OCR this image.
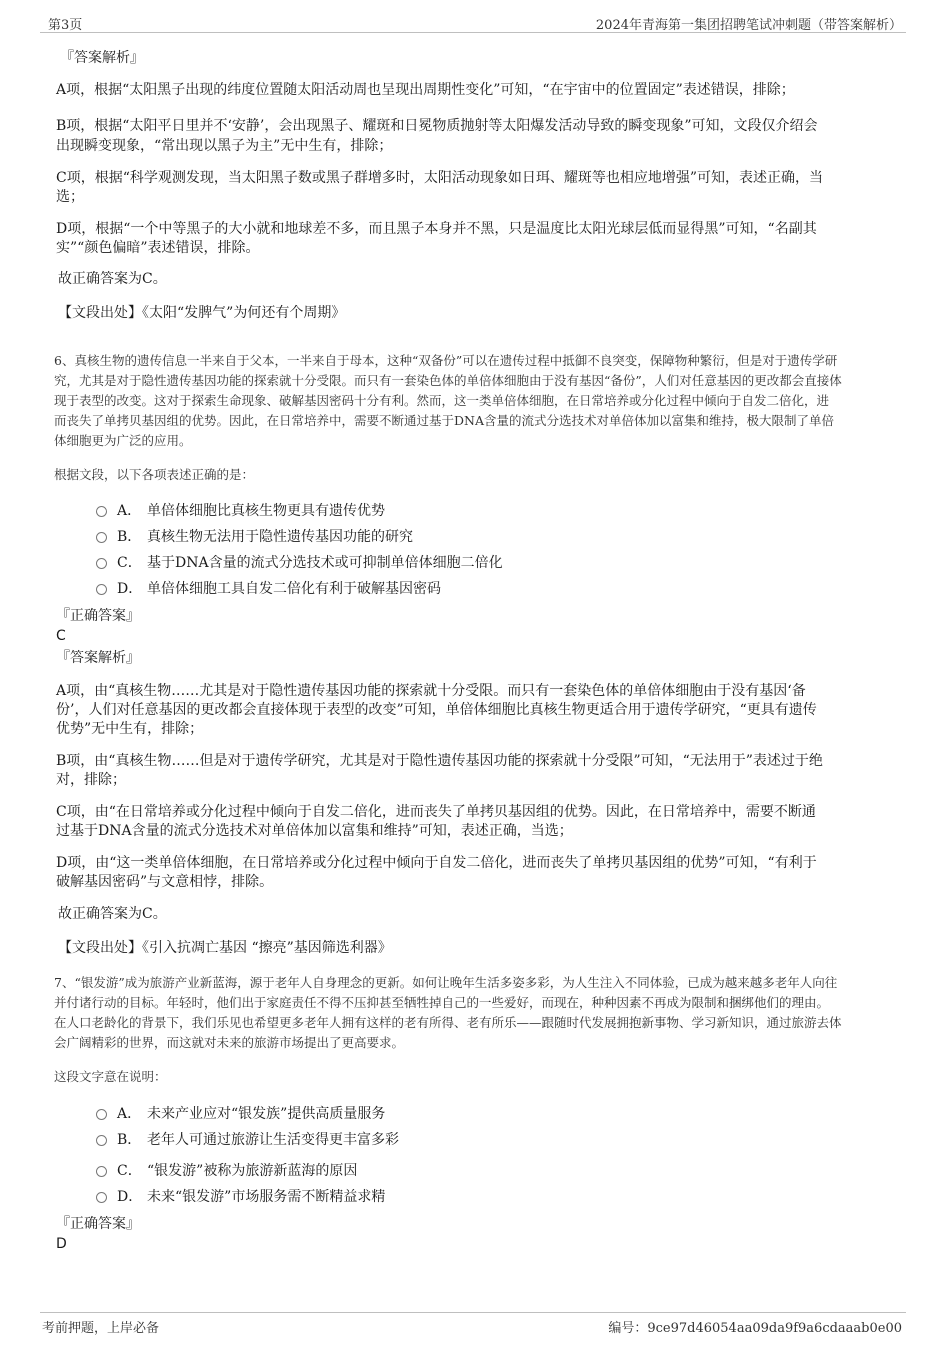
第3页	2024年青海第一集团招聘笔试冲刺题（带答案解析）
『答案解析』
A项，根据“太阳黑子出现的纬度位置随太阳活动周也呈现出周期性变化”可知，“在宇宙中的位置固定”表述错误，排除；
B项，根据“太阳平日里并不‘安静’，会出现黑子、耀斑和日冕物质抛射等太阳爆发活动导致的瞬变现象”可知，文段仅介绍会
出现瞬变现象，“常出现以黑子为主”无中生有，排除；
C项，根据“科学观测发现，当太阳黑子数或黑子群增多时，太阳活动现象如日珥、耀斑等也相应地增强”可知，表述正确，当
选；
D项，根据“一个中等黑子的大小就和地球差不多，而且黑子本身并不黑，只是温度比太阳光球层低而显得黑”可知，“名副其
实”“颜色偏暗”表述错误，排除。
故正确答案为C。
【文段出处】《太阳“发脾气”为何还有个周期》
6、真核生物的遗传信息一半来自于父本，一半来自于母本，这种“双备份”可以在遗传过程中抵御不良突变，保障物种繁衍，但是对于遗传学研
究，尤其是对于隐性遗传基因功能的探索就十分受限。而只有一套染色体的单倍体细胞由于没有基因“备份”，人们对任意基因的更改都会直接体
现于表型的改变。这对于探索生命现象、破解基因密码十分有利。然而，这一类单倍体细胞，在日常培养或分化过程中倾向于自发二倍化，进
而丧失了单拷贝基因组的优势。因此，在日常培养中，需要不断通过基于DNA含量的流式分选技术对单倍体加以富集和维持，极大限制了单倍
体细胞更为广泛的应用。
根据文段，以下各项表述正确的是：
A． 单倍体细胞比真核生物更具有遗传优势
B． 真核生物无法用于隐性遗传基因功能的研究
C． 基于DNA含量的流式分选技术或可抑制单倍体细胞二倍化
D． 单倍体细胞工具自发二倍化有利于破解基因密码
『正确答案』
C
『答案解析』
A项，由“真核生物……尤其是对于隐性遗传基因功能的探索就十分受限。而只有一套染色体的单倍体细胞由于没有基因‘备
份’，人们对任意基因的更改都会直接体现于表型的改变”可知，单倍体细胞比真核生物更适合用于遗传学研究，“更具有遗传
优势”无中生有，排除；
B项，由“真核生物……但是对于遗传学研究，尤其是对于隐性遗传基因功能的探索就十分受限”可知，“无法用于”表述过于绝
对，排除；
C项，由“在日常培养或分化过程中倾向于自发二倍化，进而丧失了单拷贝基因组的优势。因此，在日常培养中，需要不断通
过基于DNA含量的流式分选技术对单倍体加以富集和维持”可知，表述正确，当选；
D项，由“这一类单倍体细胞，在日常培养或分化过程中倾向于自发二倍化，进而丧失了单拷贝基因组的优势”可知，“有利于
破解基因密码”与文意相悖，排除。
故正确答案为C。
【文段出处】《引入抗凋亡基因 “擦亮”基因筛选利器》
7、“银发游”成为旅游产业新蓝海，源于老年人自身理念的更新。如何让晚年生活多姿多彩，为人生注入不同体验，已成为越来越多老年人向往
并付诸行动的目标。年轻时，他们出于家庭责任不得不压抑甚至牺牲掉自己的一些爱好，而现在，种种因素不再成为限制和捆绑他们的理由。
在人口老龄化的背景下，我们乐见也希望更多老年人拥有这样的老有所得、老有所乐——跟随时代发展拥抱新事物、学习新知识，通过旅游去体
会广阔精彩的世界，而这就对未来的旅游市场提出了更高要求。
这段文字意在说明：
A． 未来产业应对“银发族”提供高质量服务
B． 老年人可通过旅游让生活变得更丰富多彩
C． “银发游”被称为旅游新蓝海的原因
D． 未来“银发游”市场服务需不断精益求精
『正确答案』
D
考前押题，上岸必备	编号：9ce97d46054aa09da9f9a6cdaaab0e00
